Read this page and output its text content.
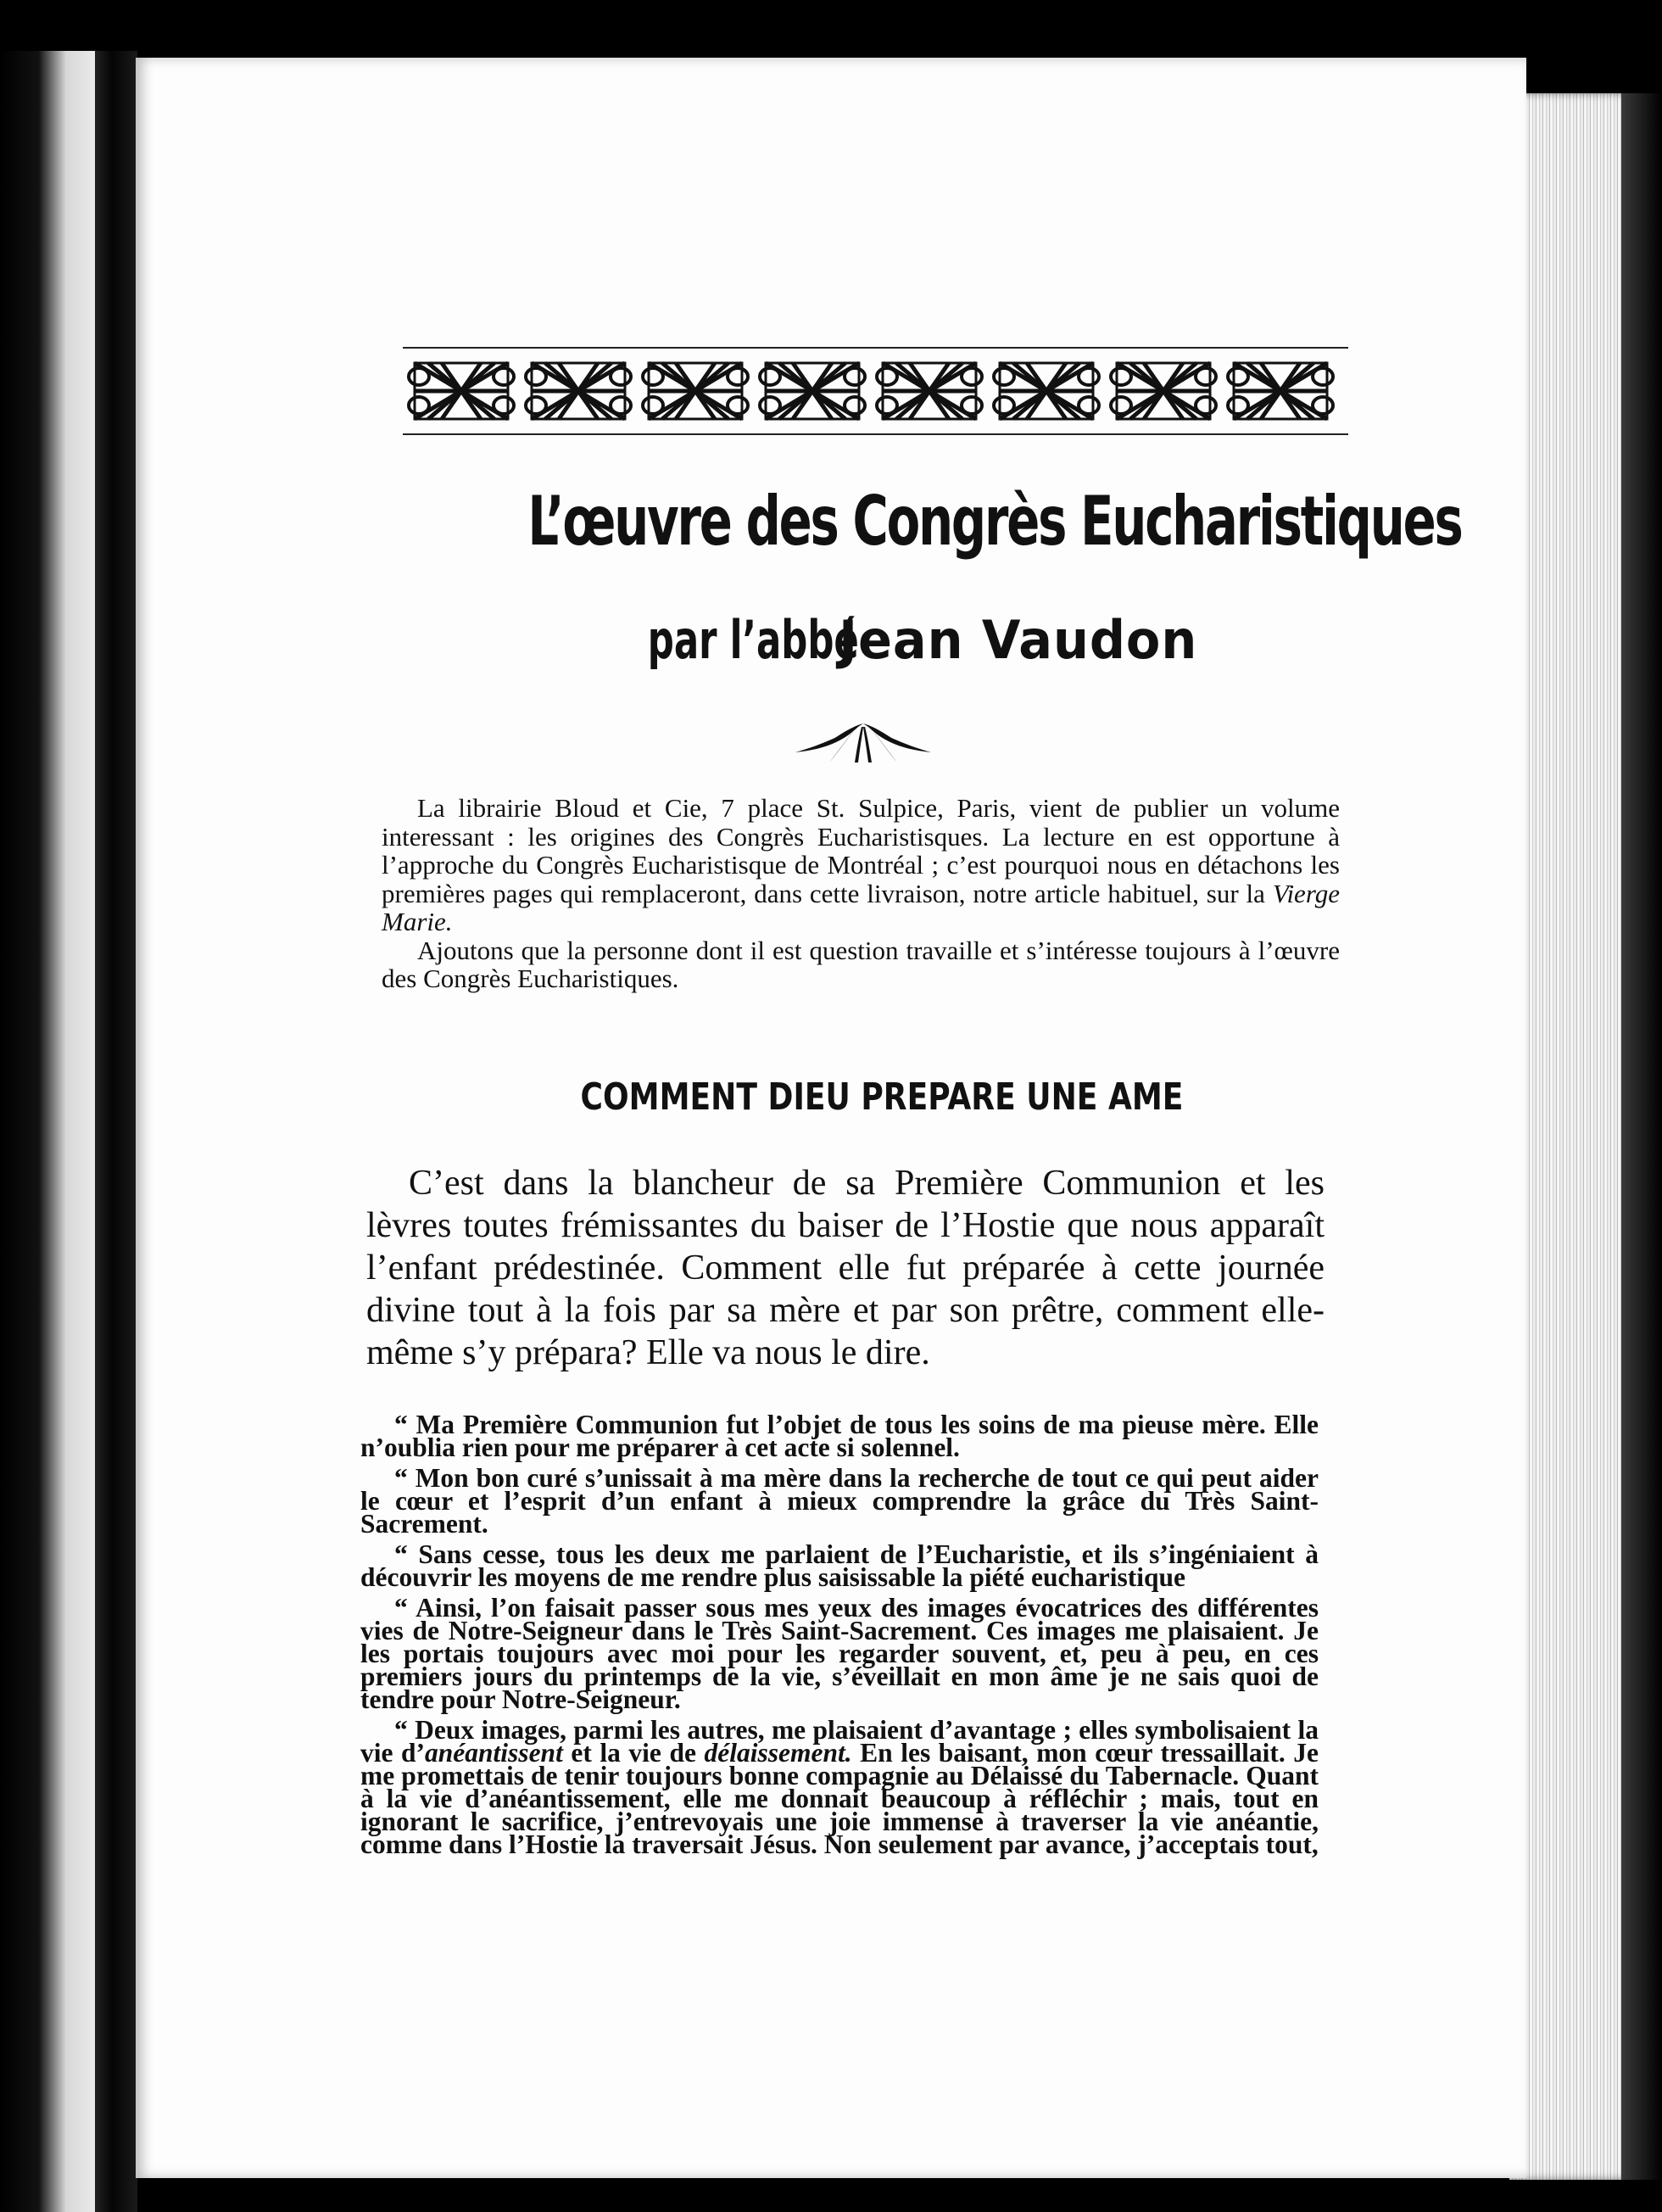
L’œuvre des Congrès Eucharistiques
par l’abbé Jean Vaudon

La librairie Bloud et Cie, 7 place St. Sulpice, Paris, vient de publier un volume interessant : les origines des Congrès Eucharistisques. La lecture en est opportune à l’approche du Congrès Eucharistisque de Montréal ; c’est pourquoi nous en détachons les premières pages qui remplaceront, dans cette livraison, notre article habituel, sur la Vierge Marie.

Ajoutons que la personne dont il est question travaille et s’intéresse toujours à l’œuvre des Congrès Eucharistiques.

COMMENT DIEU PREPARE UNE AME

C’est dans la blancheur de sa Première Communion et les lèvres toutes frémissantes du baiser de l’Hostie que nous apparaît l’enfant prédestinée. Comment elle fut préparée à cette journée divine tout à la fois par sa mère et par son prêtre, comment elle-même s’y prépara? Elle va nous le dire.

“ Ma Première Communion fut l’objet de tous les soins de ma pieuse mère. Elle n’oublia rien pour me préparer à cet acte si solennel.

“ Mon bon curé s’unissait à ma mère dans la recherche de tout ce qui peut aider le cœur et l’esprit d’un enfant à mieux comprendre la grâce du Très Saint-Sacrement.

“ Sans cesse, tous les deux me parlaient de l’Eucharistie, et ils s’ingéniaient à découvrir les moyens de me rendre plus saisissable la piété eucharistique

“ Ainsi, l’on faisait passer sous mes yeux des images évocatrices des différentes vies de Notre-Seigneur dans le Très Saint-Sacrement. Ces images me plaisaient. Je les portais toujours avec moi pour les regarder souvent, et, peu à peu, en ces premiers jours du printemps de la vie, s’éveillait en mon âme je ne sais quoi de tendre pour Notre-Seigneur.

“ Deux images, parmi les autres, me plaisaient d’avantage ; elles symbolisaient la vie d’anéantissent et la vie de délaissement. En les baisant, mon cœur tressaillait. Je me promettais de tenir toujours bonne compagnie au Délaissé du Tabernacle. Quant à la vie d’anéantissement, elle me donnait beaucoup à réfléchir ; mais, tout en ignorant le sacrifice, j’entrevoyais une joie immense à traverser la vie anéantie, comme dans l’Hostie la traversait Jésus. Non seulement par avance, j’acceptais tout,
